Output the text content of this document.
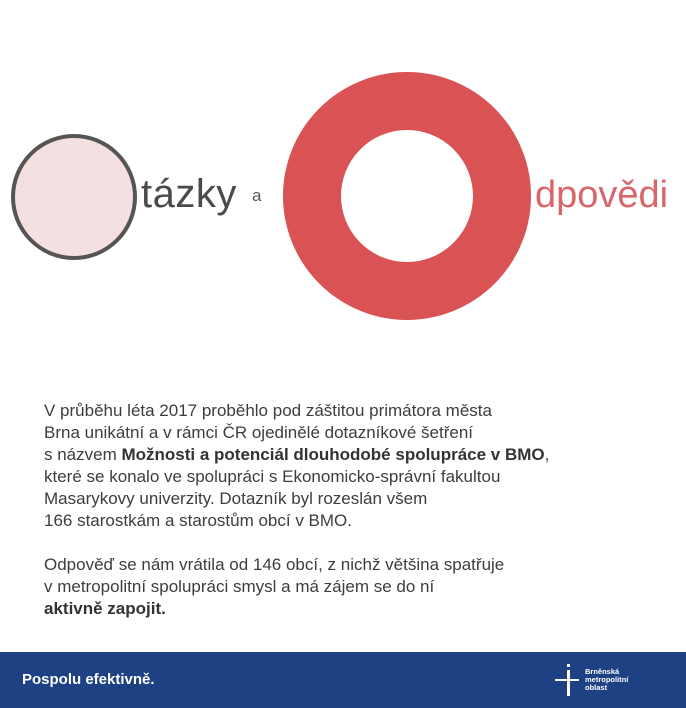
tázky a	dpovědi

V průběhu léta 2017 proběhlo pod záštitou primátora města
Brna unikátní a v rámci ČR ojedinělé dotazníkové šetření
s názvem Možnosti a potenciál dlouhodobé spolupráce v BMO,
které se konalo ve spolupráci s Ekonomicko-správní fakultou
Masarykovy univerzity. Dotazník byl rozeslán všem
166 starostkám a starostům obcí v BMO.

Odpověď se nám vrátila od 146 obcí, z nichž většina spatřuje
v metropolitní spolupráci smysl a má zájem se do ní
aktivně zapojit.

Pospolu efektivně.	Brněnská
metropolitní
oblast
